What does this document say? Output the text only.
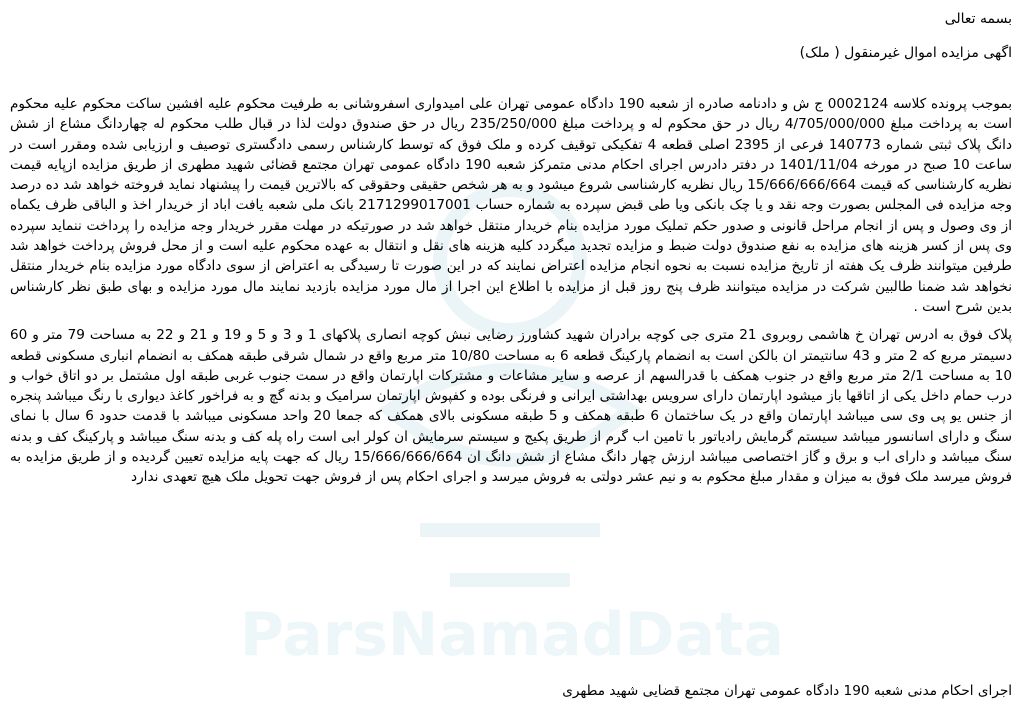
ParsNamadData
بسمه تعالی
اگهی مزایده اموال غیرمنقول ( ملک)

بموجب پرونده کلاسه 0002124 ج ش و دادنامه صادره از شعبه 190 دادگاه عمومی تهران علی امیدواری اسفروشانی به طرفیت محکوم علیه افشین ساکت محکوم علیه محکوم است به پرداخت مبلغ 4/705/000/000 ریال در حق محکوم له و پرداخت مبلغ 235/250/000 ریال در حق صندوق دولت لذا در قبال طلب محکوم له چهاردانگ مشاع از شش دانگ پلاک ثبتی شماره 140773 فرعی از 2395 اصلی قطعه 4 تفکیکی توقیف کرده و ملک فوق که توسط کارشناس رسمی دادگستری توصیف و ارزیابی شده ومقرر است در ساعت 10 صبح در مورخه 1401/11/04 در دفتر دادرس اجرای احکام مدنی متمرکز شعبه 190 دادگاه عمومی تهران مجتمع قضائی شهید مطهری از طریق مزایده ازپایه قیمت نظریه کارشناسی که قیمت 15/666/666/664 ریال نظریه کارشناسی شروع میشود و به هر شخص حقیقی وحقوقی که بالاترین قیمت را پیشنهاد نماید فروخته خواهد شد ده درصد وجه مزایده فی المجلس بصورت وجه نقد و یا چک بانکی ویا طی قبض سپرده به شماره حساب 2171299017001 بانک ملی شعبه یافت اباد از خریدار اخذ و الباقی ظرف یکماه از وی وصول و پس از انجام مراحل قانونی و صدور حکم تملیک مورد مزایده بنام خریدار منتقل خواهد شد در صورتیکه در مهلت مقرر خریدار وجه مزایده را پرداخت ننماید سپرده وی پس از کسر هزینه های مزایده به نفع صندوق دولت ضبط و مزایده تجدید میگردد کلیه هزینه های نقل و انتقال به عهده محکوم علیه است و از محل فروش پرداخت خواهد شد طرفین میتوانند ظرف یک هفته از تاریخ مزایده نسبت به نحوه انجام مزایده اعتراض نمایند که در این صورت تا رسیدگی به اعتراض از سوی دادگاه مورد مزایده بنام خریدار منتقل نخواهد شد ضمنا طالبین شرکت در مزایده میتوانند ظرف پنج روز قبل از مزایده با اطلاع این اجرا از مال مورد مزایده بازدید نمایند مال مورد مزایده و بهای طبق نظر کارشناس بدین شرح است .

پلاک فوق به ادرس تهران خ هاشمی روبروی 21 متری جی کوچه برادران شهید کشاورز رضایی نبش کوچه انصاری پلاکهای 1 و 3 و 5 و 19 و 21 و 22 به مساحت 79 متر و 60 دسیمتر مربع که 2 متر و 43 سانتیمتر ان بالکن است به انضمام پارکینگ قطعه 6 به مساحت 10/80 متر مربع واقع در شمال شرقی طبقه همکف به انضمام انباری مسکونی قطعه 10 به مساحت 2/1 متر مربع واقع در جنوب همکف با قدرالسهم از عرصه و سایر مشاعات و مشترکات اپارتمان واقع در سمت جنوب غربی طبقه اول مشتمل بر دو اتاق خواب و درب حمام داخل یکی از اتاقها باز میشود اپارتمان دارای سرویس بهداشتی ایرانی و فرنگی بوده و کفپوش اپارتمان سرامیک و بدنه گچ و به فراخور کاغذ دیواری با رنگ میباشد پنجره از جنس یو پی وی سی میباشد اپارتمان واقع در یک ساختمان 6 طبقه همکف و 5 طبقه مسکونی بالای همکف که جمعا 20 واحد مسکونی میباشد با قدمت حدود 6 سال با نمای سنگ و دارای اسانسور میباشد سیستم گرمایش رادیاتور با تامین اب گرم از طریق پکیج و سیستم سرمایش ان کولر ابی است راه پله کف و بدنه سنگ میباشد و پارکینگ کف و بدنه سنگ میباشد و دارای اب و برق و گاز اختصاصی میباشد ارزش چهار دانگ مشاع از شش دانگ ان 15/666/666/664 ریال که جهت پایه مزایده تعیین گردیده و از طریق مزایده به فروش میرسد ملک فوق به میزان و مقدار مبلغ محکوم به و نیم عشر دولتی به فروش میرسد و اجرای احکام پس از فروش جهت تحویل ملک هیچ تعهدی ندارد

اجرای احکام مدنی شعبه 190 دادگاه عمومی تهران مجتمع قضایی شهید مطهری
